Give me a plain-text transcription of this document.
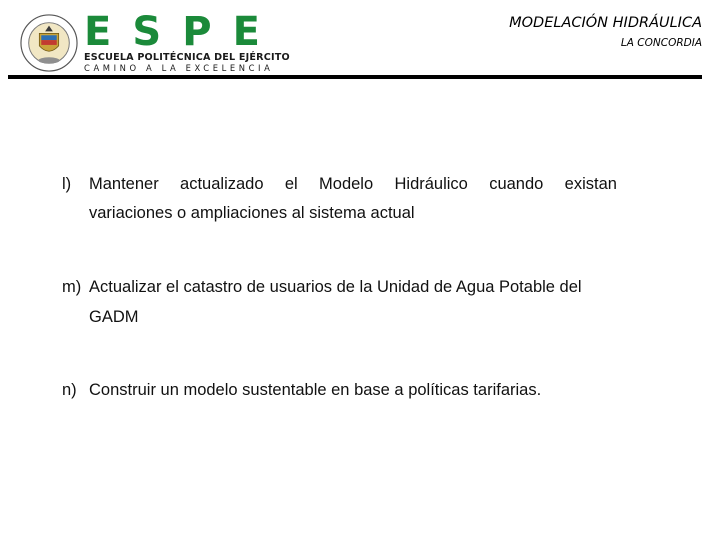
E S P E
ESCUELA POLITÉCNICA DEL EJÉRCITO
CAMINO A LA EXCELENCIA
MODELACIÓN HIDRÁULICA
LA CONCORDIA
l) Mantener actualizado el Modelo Hidráulico cuando existan
variaciones o ampliaciones al sistema actual
m) Actualizar el catastro de usuarios de la Unidad de Agua Potable del
GADM
n) Construir un modelo sustentable en base a políticas tarifarias.
